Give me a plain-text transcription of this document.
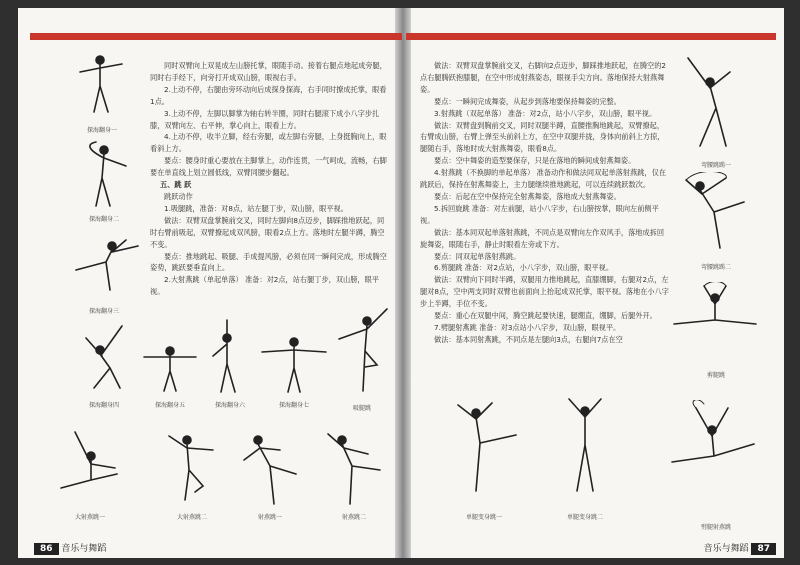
探海翻身一
探海翻身二
探海翻身三
探海翻身四	探海翻身五	探海翻身六	探海翻身七	吸腿跳
大射燕跳一	大射燕跳二	射燕跳一	射燕跳二

同时双臂向上双晃成左山膀托掌，眼随手动。接着右腿点地起成旁腿，同时右手经下，向旁打开成双山膀，眼视右手。

2.上动不停，右腿由旁环动向后成探身探海，右手同时撩成托掌，眼看1点。

3.上动不停，左脚以脚掌为轴右转半圈，同时右腿滚下成小八字步扎膝，双臂向左、右平伸，掌心向上，眼看上方。

4.上动不停，收半立脚，经右旁腿，或左脚右旁腿，上身挺胸向上，眼看斜上方。

要点：腰身时重心要放在主脚掌上，动作连贯，一气呵成，流畅，右脚要在单直线上划立圆低线，双臂同腰步翻起。

五、跳 跃

跳跃动作

1.吸腿跳，准备：对8点，站左腿丁步，双山膀，眼平视。

做法：双臂双盘掌腕前交叉，同时左脚向8点迈步，脚踩推地跃起，同时右臂前吸起，双臂撩起成双风膀，眼看2点上方。落地时左腿半蹲，腾空不变。

要点：推地跳起、吸腿、手成提风膀，必须在同一瞬间完成，形成腾空姿势，跳跃要垂直向上。

2.大射燕跳（单起单落） 准备：对2点，站右腿丁步，双山膀，眼平视。

86 音乐与舞蹈

做法：双臂双盘掌腕前交叉，右脚向2点迈步，脚踩推地跃起，在腾空的2点右腿腾跃抱膝腿，在空中形成射燕姿态，眼视手尖方向。落地保持大射燕舞姿。

要点：一瞬间完成舞姿，从起步到落地要保持舞姿的完整。

3.射燕跳（双起单落） 准备：对2点，站小八字步，双山膀，眼平视。

做法：双臂盘到胸前交叉，同时双腿半蹲，直腰推胸地跳起，双臂撩起，右臂成山膀，右臂上弹至头前斜上方，在空中双腿并拢，身体向前斜上方掠，腿随右手，落地时成大射燕舞姿，眼看8点。

要点：空中舞姿的造型要保存，只是在落地的瞬间成射燕舞姿。

4.射燕跳（不换脚的单起单落） 准备动作和做法同双起单落射燕跳，仅在跳跃后，保持在射燕舞姿上，主力腿继续推地跳起，可以连续跳跃数次。

要点：后起在空中保持完全射燕舞姿，落地成大射燕舞姿。

5.拆回旋跳 准备：对左前腿，站小八字步，右山膀按掌，眼向左前侧平视。

做法：基本同双起单落射燕跳，不同点是双臂向左作双风手，落地成拆回旋舞姿，眼随右手，静止时眼看左旁或下方。

要点：同双起单落射燕跳。

6.剪腿跳 准备：对2点站，小八字步，双山膀，眼平视。

做法：双臂向下同时半蹲，双腿用力推地跳起，直膝绷脚，右腿对2点，左腿对8点，空中两支同时双臂也前面向上抬起成双托掌，眼平视。落地在小八字步上半蹲，手位不变。

要点：重心在双腿中间，腾空跳起要快速，腿绷直，绷脚，后腿外开。

7.劈腿射燕跳 准备：对3点站小八字步，双山膀，眼视平。

做法：基本同射燕跳，不同点是左腿向3点，右腿向7点在空

弯腰跳踢一
弯腰跳踢二
剪腿跳
单腿变身跳一	单腿变身跳二
劈腿射燕跳
音乐与舞蹈 87
